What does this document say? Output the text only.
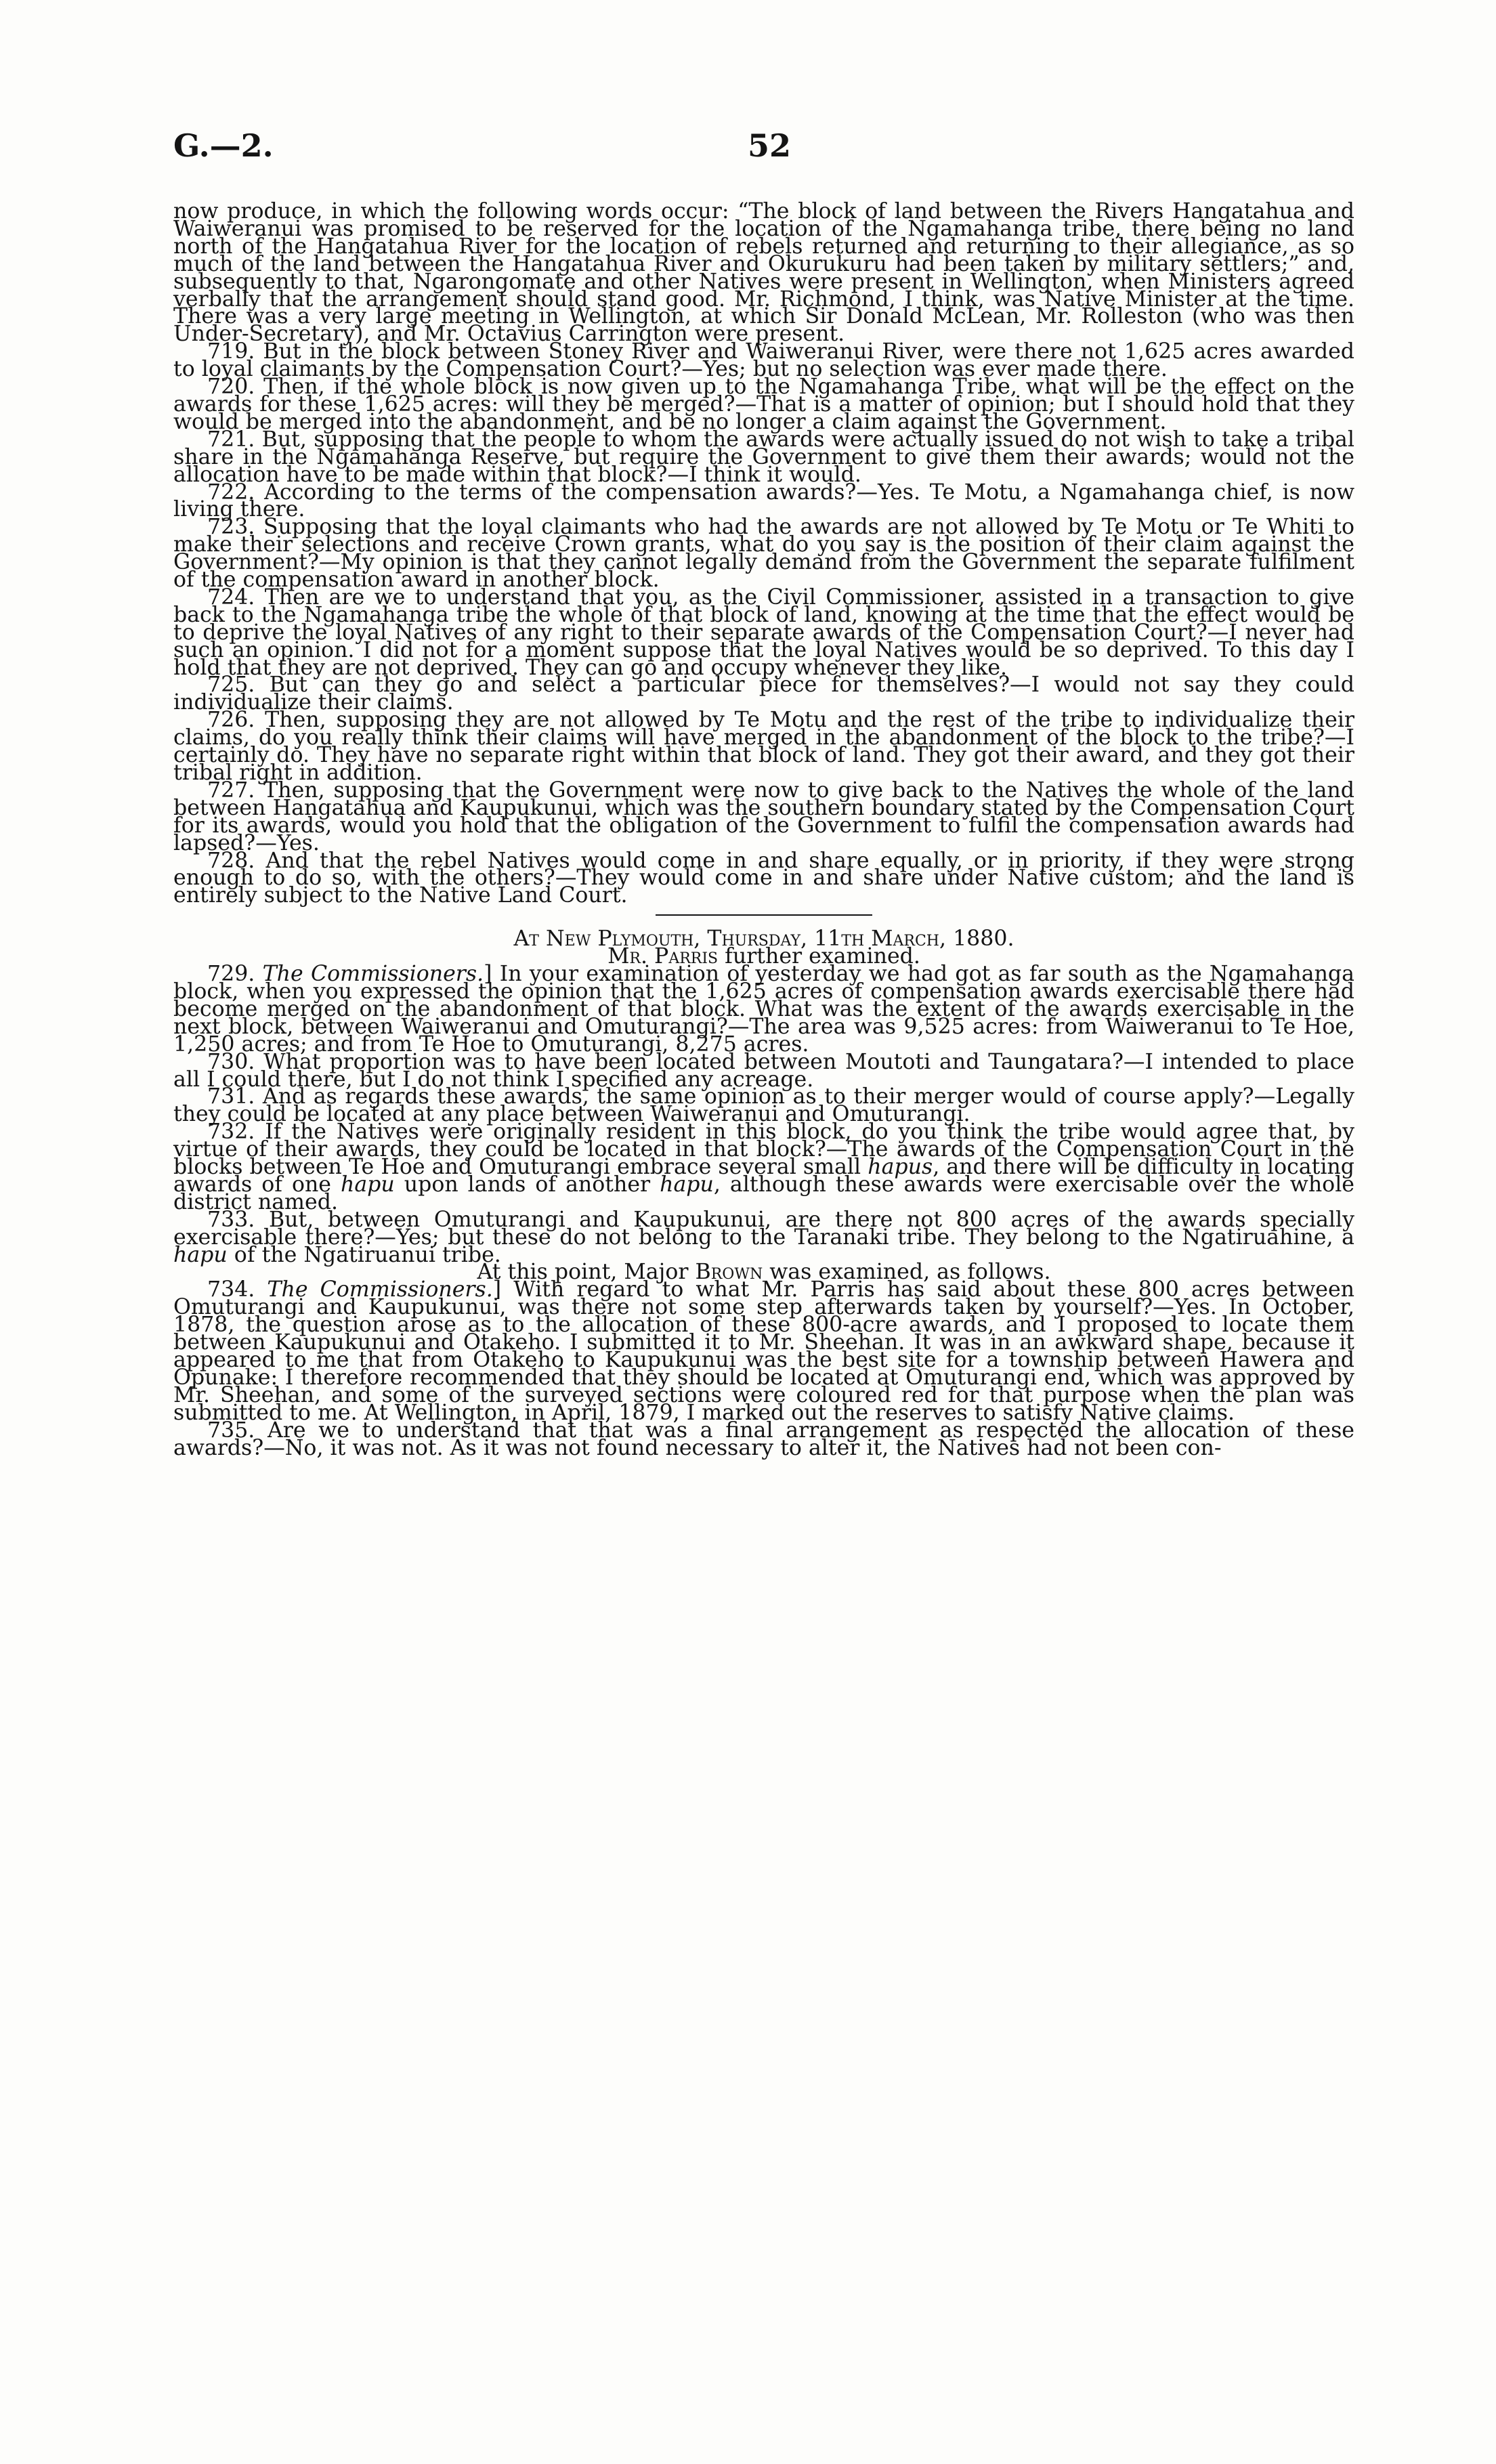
G.—2.	52

now produce, in which the following words occur: “The block of land between the Rivers Hangatahua and Waiweranui was promised to be reserved for the location of the Ngamahanga tribe, there being no land north of the Hangatahua River for the location of rebels returned and returning to their allegiance, as so much of the land between the Hangatahua River and Okurukuru had been taken by military settlers;” and, subsequently to that, Ngarongomate and other Natives were present in Wellington, when Ministers agreed verbally that the arrangement should stand good. Mr. Richmond, I think, was Native Minister at the time. There was a very large meeting in Wellington, at which Sir Donald McLean, Mr. Rolleston (who was then Under-Secretary), and Mr. Octavius Carrington were present.

719. But in the block between Stoney River and Waiweranui River, were there not 1,625 acres awarded to loyal claimants by the Compensation Court?—Yes; but no selection was ever made there.

720. Then, if the whole block is now given up to the Ngamahanga Tribe, what will be the effect on the awards for these 1,625 acres: will they be merged?—That is a matter of opinion; but I should hold that they would be merged into the abandonment, and be no longer a claim against the Government.

721. But, supposing that the people to whom the awards were actually issued do not wish to take a tribal share in the Ngamahanga Reserve, but require the Government to give them their awards; would not the allocation have to be made within that block?—I think it would.

722. According to the terms of the compensation awards?—Yes. Te Motu, a Ngamahanga chief, is now living there.

723. Supposing that the loyal claimants who had the awards are not allowed by Te Motu or Te Whiti to make their selections and receive Crown grants, what do you say is the position of their claim against the Government?—My opinion is that they cannot legally demand from the Government the separate fulfilment of the compensation award in another block.

724. Then are we to understand that you, as the Civil Commissioner, assisted in a transaction to give back to the Ngamahanga tribe the whole of that block of land, knowing at the time that the effect would be to deprive the loyal Natives of any right to their separate awards of the Compensation Court?—I never had such an opinion. I did not for a moment suppose that the loyal Natives would be so deprived. To this day I hold that they are not deprived. They can go and occupy whenever they like.

725. But can they go and select a particular piece for themselves?—I would not say they could individualize their claims.

726. Then, supposing they are not allowed by Te Motu and the rest of the tribe to individualize their claims, do you really think their claims will have merged in the abandonment of the block to the tribe?—I certainly do. They have no separate right within that block of land. They got their award, and they got their tribal right in addition.

727. Then, supposing that the Government were now to give back to the Natives the whole of the land between Hangatahua and Kaupukunui, which was the southern boundary stated by the Compensation Court for its awards, would you hold that the obligation of the Government to fulfil the compensation awards had lapsed?—Yes.

728. And that the rebel Natives would come in and share equally, or in priority, if they were strong enough to do so, with the others?—They would come in and share under Native custom; and the land is entirely subject to the Native Land Court.

At New Plymouth, Thursday, 11th March, 1880.

Mr. Parris further examined.

729. The Commissioners.] In your examination of yesterday we had got as far south as the Ngamahanga block, when you expressed the opinion that the 1,625 acres of compensation awards exercisable there had become merged on the abandonment of that block. What was the extent of the awards exercisable in the next block, between Waiweranui and Omuturangi?—The area was 9,525 acres: from Waiweranui to Te Hoe, 1,250 acres; and from Te Hoe to Omuturangi, 8,275 acres.

730. What proportion was to have been located between Moutoti and Taungatara?—I intended to place all I could there, but I do not think I specified any acreage.

731. And as regards these awards, the same opinion as to their merger would of course apply?—Legally they could be located at any place between Waiweranui and Omuturangi.

732. If the Natives were originally resident in this block, do you think the tribe would agree that, by virtue of their awards, they could be located in that block?—The awards of the Compensation Court in the blocks between Te Hoe and Omuturangi embrace several small hapus, and there will be difficulty in locating awards of one hapu upon lands of another hapu, although these awards were exercisable over the whole district named.

733. But, between Omuturangi and Kaupukunui, are there not 800 acres of the awards specially exercisable there?—Yes; but these do not belong to the Taranaki tribe. They belong to the Ngatiruahine, a hapu of the Ngatiruanui tribe.

At this point, Major Brown was examined, as follows.

734. The Commissioners.] With regard to what Mr. Parris has said about these 800 acres between Omuturangi and Kaupukunui, was there not some step afterwards taken by yourself?—Yes. In October, 1878, the question arose as to the allocation of these 800-acre awards, and I proposed to locate them between Kaupukunui and Otakeho. I submitted it to Mr. Sheehan. It was in an awkward shape, because it appeared to me that from Otakeho to Kaupukunui was the best site for a township between Hawera and Opunake: I therefore recommended that they should be located at Omuturangi end, which was approved by Mr. Sheehan, and some of the surveyed sections were coloured red for that purpose when the plan was submitted to me. At Wellington, in April, 1879, I marked out the reserves to satisfy Native claims.

735. Are we to understand that that was a final arrangement as respected the allocation of these awards?—No, it was not. As it was not found necessary to alter it, the Natives had not been con-
